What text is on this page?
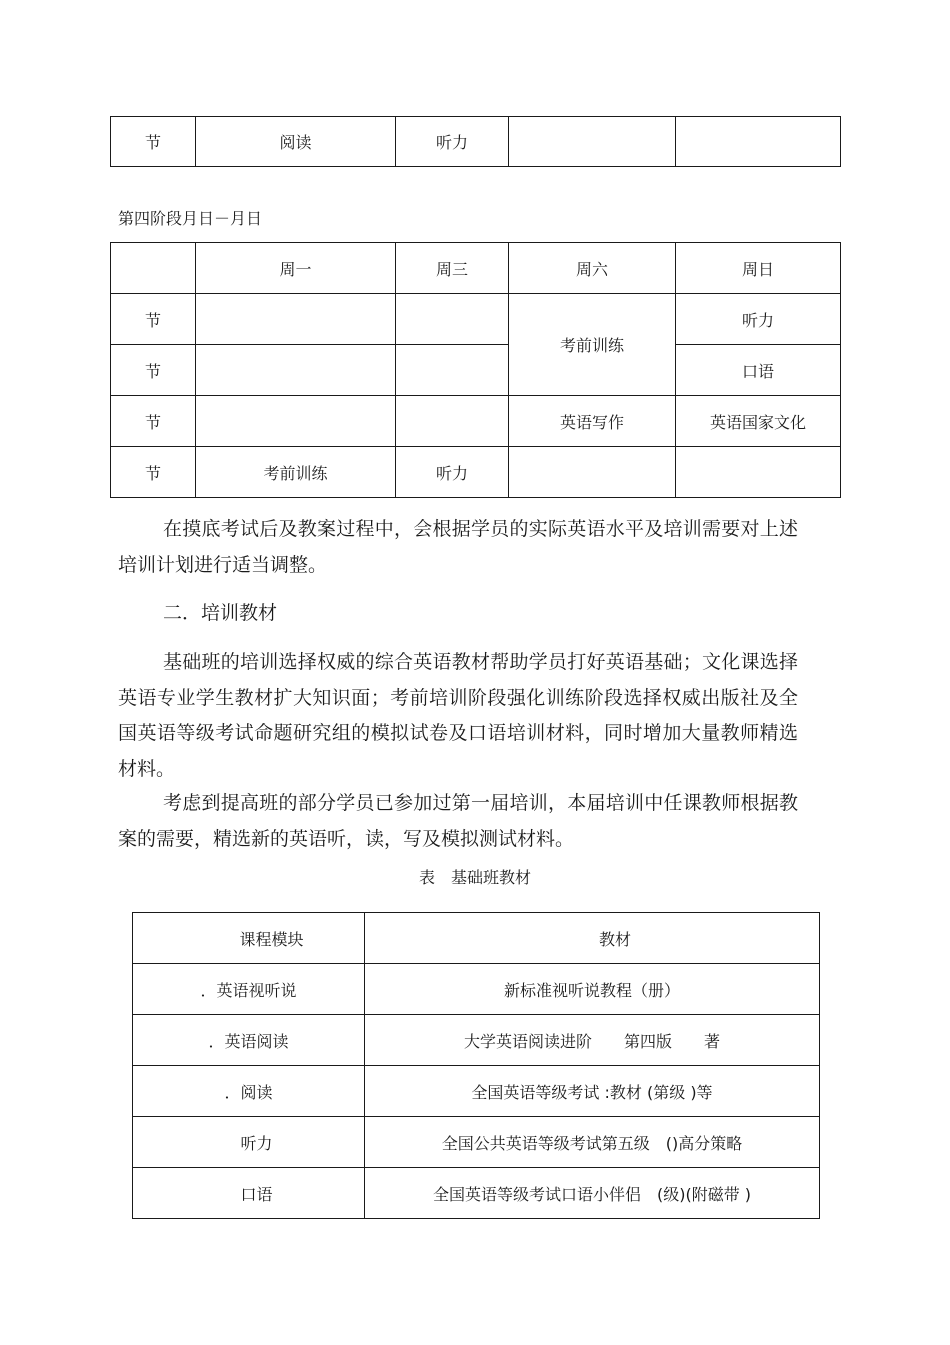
节	阅读	听力		
第四阶段月日－月日
	周一	周三	周六	周日
节			考前训练	听力
节				口语
节			英语写作	英语国家文化
节	考前训练	听力		

在摸底考试后及教案过程中，会根据学员的实际英语水平及培训需要对上述培训计划进行适当调整。

二．培训教材

基础班的培训选择权威的综合英语教材帮助学员打好英语基础；文化课选择英语专业学生教材扩大知识面；考前培训阶段强化训练阶段选择权威出版社及全国英语等级考试命题研究组的模拟试卷及口语培训材料，同时增加大量教师精选材料。

考虑到提高班的部分学员已参加过第一届培训，本届培训中任课教师根据教案的需要，精选新的英语听，读，写及模拟测试材料。

表　基础班教材
课程模块	教材
．英语视听说	新标准视听说教程（册）
．英语阅读	大学英语阅读进阶　　第四版　　著
．阅读	全国英语等级考试 :教材 (第级 )等
听力	全国公共英语等级考试第五级　()高分策略
口语	全国英语等级考试口语小伴侣　(级)(附磁带 )
